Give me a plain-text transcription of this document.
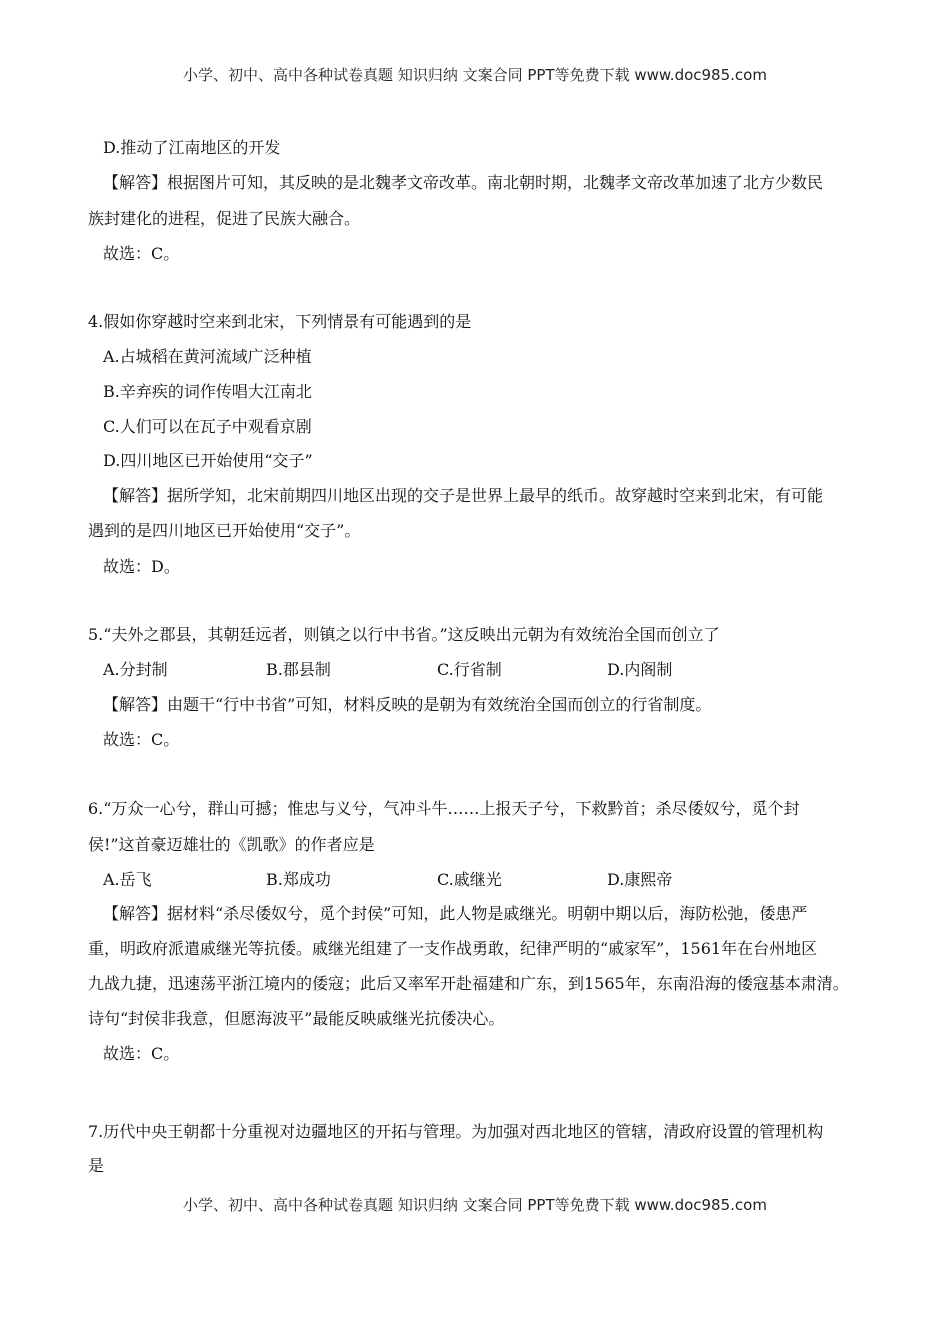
小学、初中、高中各种试卷真题 知识归纳 文案合同 PPT等免费下载 www.doc985.com
D.推动了江南地区的开发
【解答】根据图片可知，其反映的是北魏孝文帝改革。南北朝时期，北魏孝文帝改革加速了北方少数民
族封建化的进程，促进了民族大融合。
故选：C。
4.假如你穿越时空来到北宋，下列情景有可能遇到的是
A.占城稻在黄河流域广泛种植
B.辛弃疾的词作传唱大江南北
C.人们可以在瓦子中观看京剧
D.四川地区已开始使用“交子”
【解答】据所学知，北宋前期四川地区出现的交子是世界上最早的纸币。故穿越时空来到北宋，有可能
遇到的是四川地区已开始使用“交子”。
故选：D。
5.“夫外之郡县，其朝廷远者，则镇之以行中书省。”这反映出元朝为有效统治全国而创立了
A.分封制	B.郡县制	C.行省制	D.内阁制
【解答】由题干“行中书省”可知，材料反映的是朝为有效统治全国而创立的行省制度。
故选：C。
6.“万众一心兮，群山可撼；惟忠与义兮，气冲斗牛……上报天子兮，下救黔首；杀尽倭奴兮，觅个封
侯!”这首豪迈雄壮的《凯歌》的作者应是
A.岳飞	B.郑成功	C.戚继光	D.康熙帝
【解答】据材料“杀尽倭奴兮，觅个封侯”可知，此人物是戚继光。明朝中期以后，海防松弛，倭患严
重，明政府派遣戚继光等抗倭。戚继光组建了一支作战勇敢，纪律严明的“戚家军”，1561年在台州地区
九战九捷，迅速荡平浙江境内的倭寇；此后又率军开赴福建和广东，到1565年，东南沿海的倭寇基本肃清。
诗句“封侯非我意，但愿海波平”最能反映戚继光抗倭决心。
故选：C。
7.历代中央王朝都十分重视对边疆地区的开拓与管理。为加强对西北地区的管辖，清政府设置的管理机构
是
小学、初中、高中各种试卷真题 知识归纳 文案合同 PPT等免费下载 www.doc985.com
